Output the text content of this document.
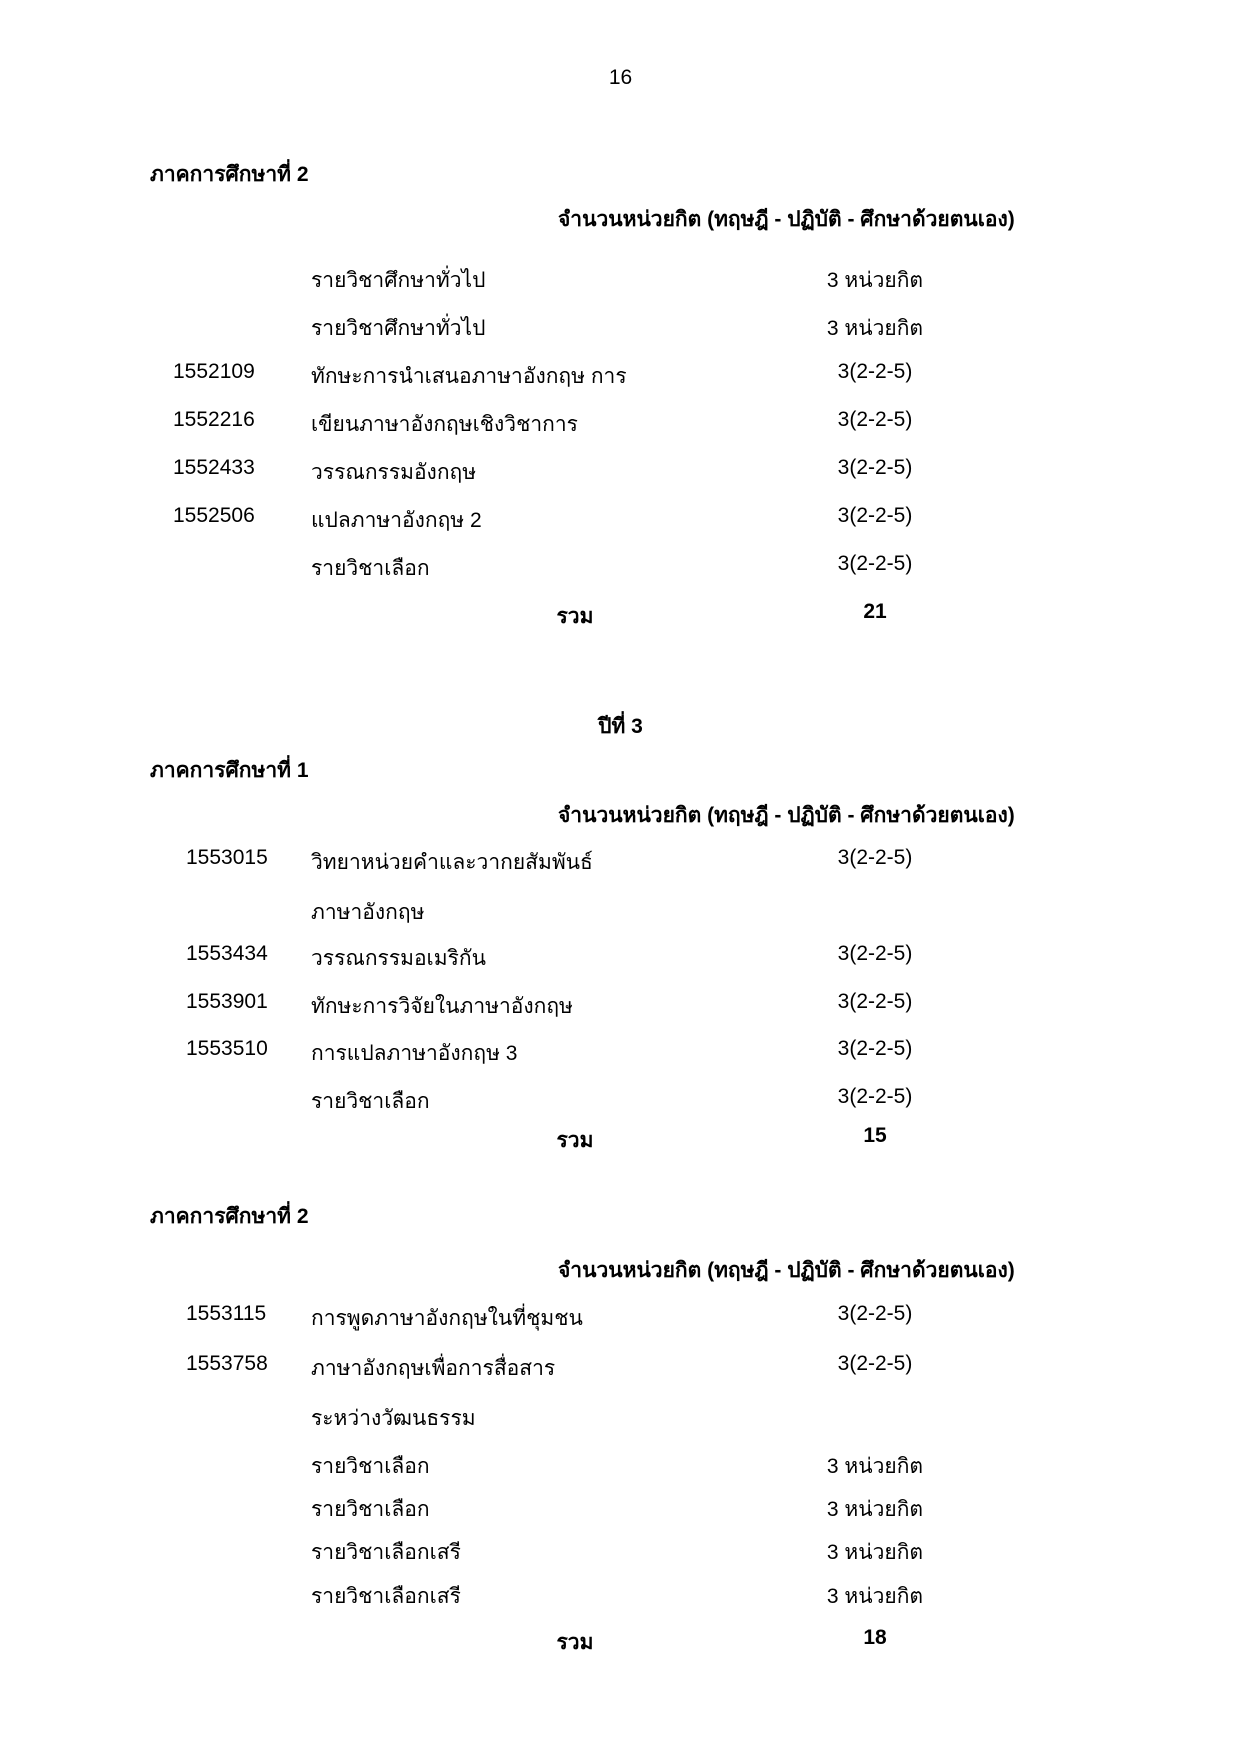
16
ภาคการศึกษาที่ 2
จำนวนหน่วยกิต (ทฤษฎี - ปฏิบัติ - ศึกษาด้วยตนเอง)
รายวิชาศึกษาทั่วไป	3 หน่วยกิต
รายวิชาศึกษาทั่วไป	3 หน่วยกิต
1552109	ทักษะการนำเสนอภาษาอังกฤษ การ	3(2-2-5)
1552216	เขียนภาษาอังกฤษเชิงวิชาการ	3(2-2-5)
1552433	วรรณกรรมอังกฤษ	3(2-2-5)
1552506	แปลภาษาอังกฤษ 2	3(2-2-5)
รายวิชาเลือก	3(2-2-5)
รวม	21
ปีที่ 3
ภาคการศึกษาที่ 1
จำนวนหน่วยกิต (ทฤษฎี - ปฏิบัติ - ศึกษาด้วยตนเอง)
1553015 วิทยาหน่วยคำและวากยสัมพันธ์	3(2-2-5)
ภาษาอังกฤษ
1553434 วรรณกรรมอเมริกัน	3(2-2-5)
1553901 ทักษะการวิจัยในภาษาอังกฤษ	3(2-2-5)
1553510 การแปลภาษาอังกฤษ 3	3(2-2-5)
รายวิชาเลือก	3(2-2-5)
รวม	15
ภาคการศึกษาที่ 2
จำนวนหน่วยกิต (ทฤษฎี - ปฏิบัติ - ศึกษาด้วยตนเอง)
1553115 การพูดภาษาอังกฤษในที่ชุมชน	3(2-2-5)
1553758 ภาษาอังกฤษเพื่อการสื่อสาร	3(2-2-5)
ระหว่างวัฒนธรรม
รายวิชาเลือก	3 หน่วยกิต
รายวิชาเลือก	3 หน่วยกิต
รายวิชาเลือกเสรี	3 หน่วยกิต
รายวิชาเลือกเสรี	3 หน่วยกิต
รวม	18
